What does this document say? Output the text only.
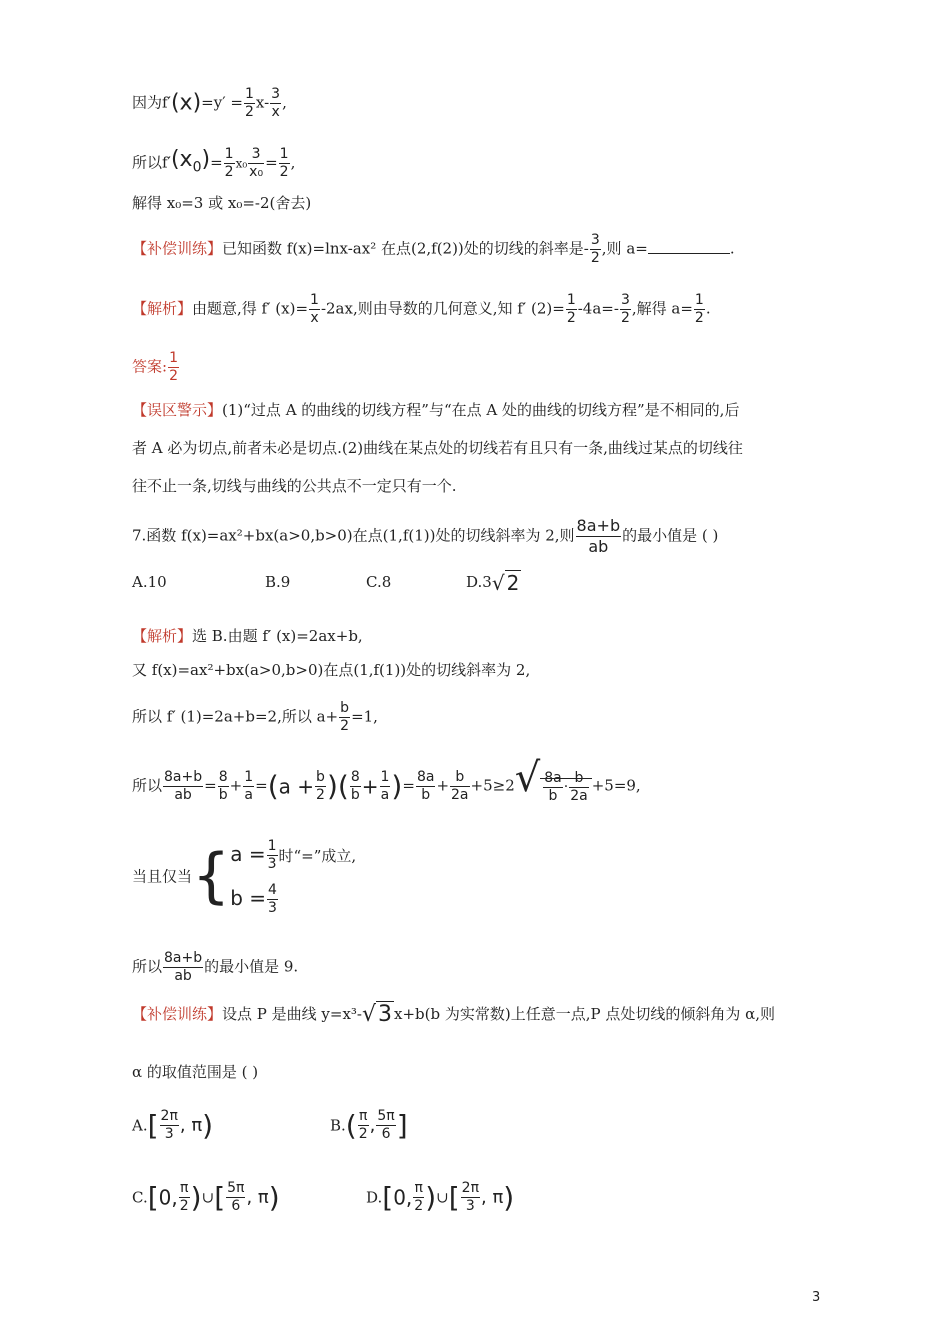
因为$f'(x)=y' = \frac{1}{2} x- \frac{3}{x}$ ,
所以$f'(x_0)= \frac{1}{2} x_0 \frac{3}{\text{x₀}} = \frac{1}{2}$ ,
解得 x₀=3 或 x₀=-2(舍去)
【补偿训练】已知函数 f(x)=lnx-ax² 在点(2,f(2))处的切线的斜率是- $\frac{3}{2}$ ,则 a=	.
【解析】由题意,得 f′ $(x)= \frac{1}{x} -2ax$,则由导数的几何意义,知 f′ $(2)= \frac{1}{2} -4a=- \frac{3}{2}$ ,解得 $a= \frac{1}{2}$ .
答案: $\frac{1}{2}$
【误区警示】(1)“过点 A 的曲线的切线方程”与“在点 A 处的曲线的切线方程”是不相同的,后
者 A 必为切点,前者未必是切点.(2)曲线在某点处的切线若有且只有一条,曲线过某点的切线往
往不止一条,切线与曲线的公共点不一定只有一个.
7.函数 f(x)=ax²+bx(a>0,b>0)在点(1,f(1))处的切线斜率为 2,则 $\frac{8a+b}{ab}$ 的最小值是 ( )
A.10	B.9	C.8	D.3√ 2
【解析】选 B.由题 f′ (x)=2ax+b,
又 f(x)=ax²+bx(a>0,b>0)在点(1,f(1))处的切线斜率为 2,
所以 f′ (1)=2a+b=2,所以 $a+ \frac{b}{2} =1$,
所以 $\frac{8a+b}{ab} = \frac{8}{b} + \frac{1}{a} =(a + \frac{b}{2}$ )( $\frac{8}{b} + \frac{1}{a}$ )= $\frac{8a}{b} + \frac{b}{2a} +5\ge 2√ \frac{8a}{b} \cdot \frac{b}{2a} +5=9$,
当且仅当{ $a = \frac{1}{3}$ 时“=”成立,
$b = \frac{4}{3}$
所以 $\frac{8a+b}{ab}$ 的最小值是 9.
【补偿训练】设点 P 是曲线 y=x³-√3 x+b(b 为实常数)上任意一点,P 点处切线的倾斜角为 α,则
α 的取值范围是 ( )
$A.[ \frac{2\pi}{3}$ , π)	$B.( \frac{\pi}{2}$ , $\frac{5\pi}{6}$ ]
C.[0, $\frac{\pi}{2}$ )∪[ $\frac{5\pi}{6}$ , π)	D.[0, $\frac{\pi}{2}$ )∪[ $\frac{2\pi}{3}$ , π)
3
